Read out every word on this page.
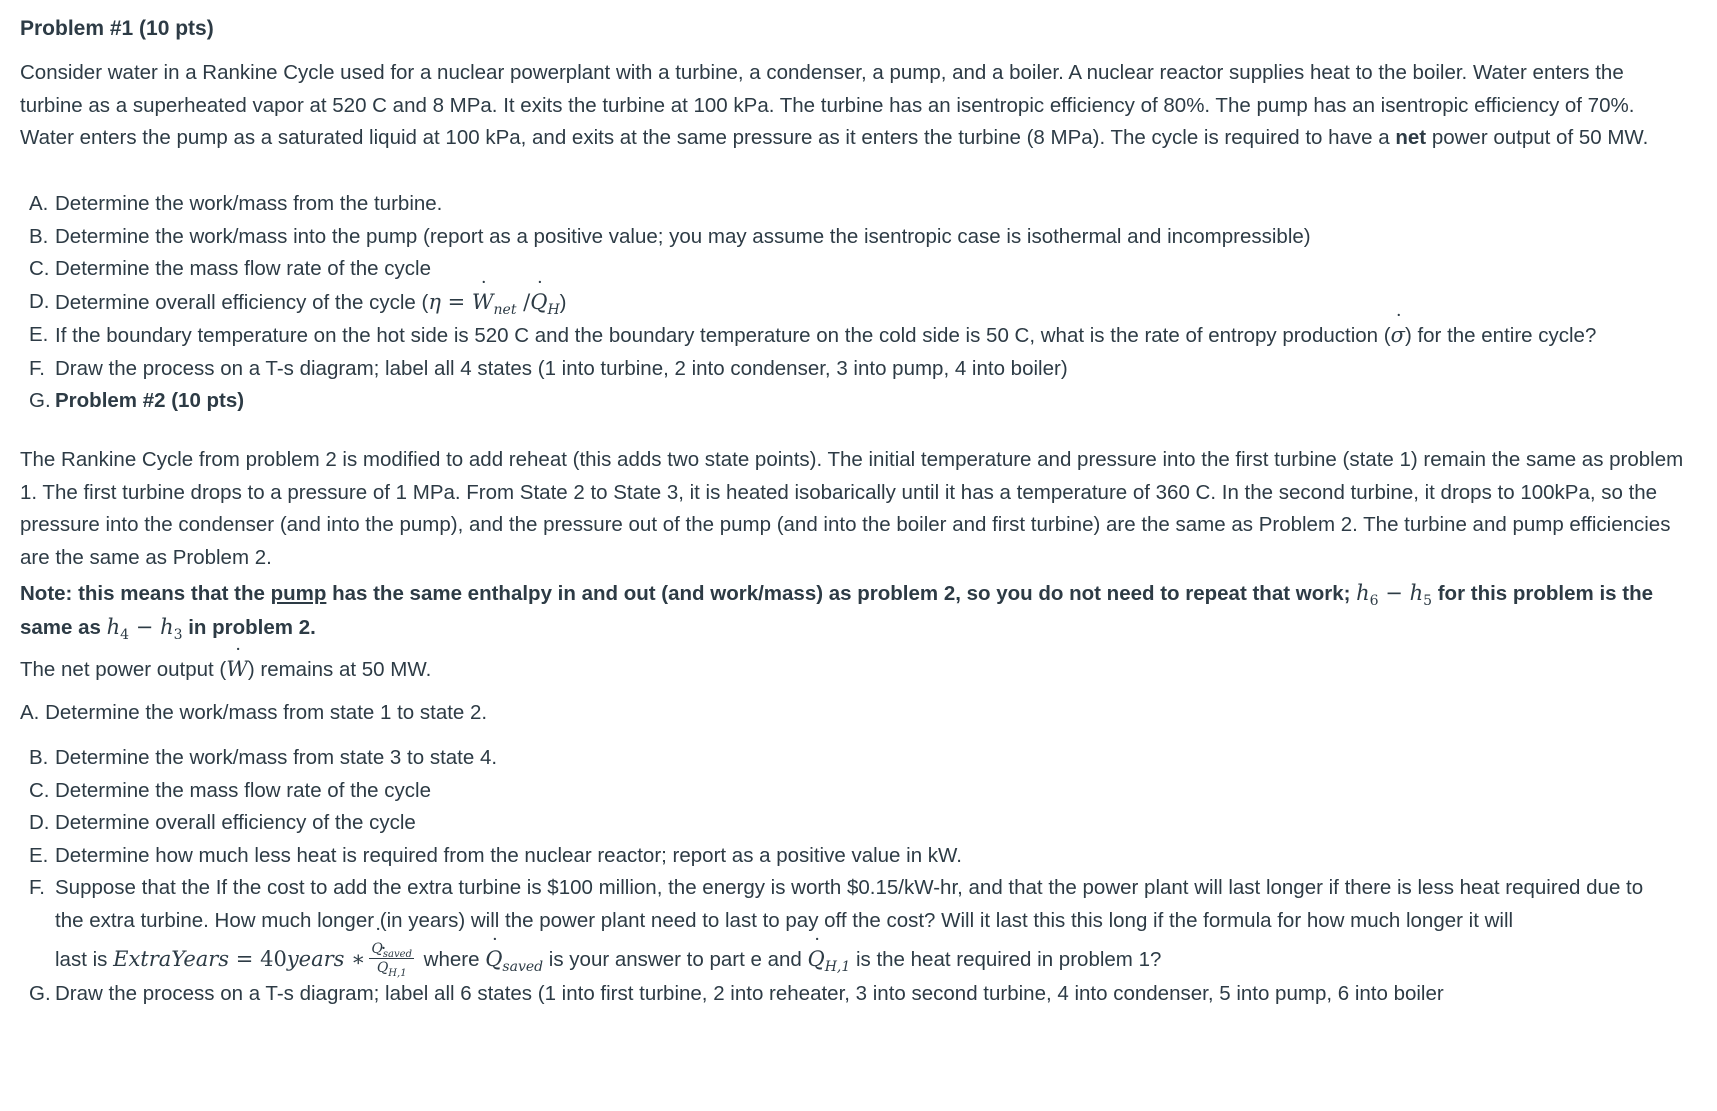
Problem #1 (10 pts)

Consider water in a Rankine Cycle used for a nuclear powerplant with a turbine, a condenser, a pump, and a boiler. A nuclear reactor supplies heat to the boiler. Water enters the turbine as a superheated vapor at 520 C and 8 MPa. It exits the turbine at 100 kPa. The turbine has an isentropic efficiency of 80%. The pump has an isentropic efficiency of 70%. Water enters the pump as a saturated liquid at 100 kPa, and exits at the same pressure as it enters the turbine (8 MPa). The cycle is required to have a net power output of 50 MW.

A. Determine the work/mass from the turbine.
B. Determine the work/mass into the pump (report as a positive value; you may assume the isentropic case is isothermal and incompressible)
C. Determine the mass flow rate of the cycle
D. Determine overall efficiency of the cycle (η = ˙ $W_{net}$ /˙ $Q_H$)
E. If the boundary temperature on the hot side is 520 C and the boundary temperature on the cold side is 50 C, what is the rate of entropy production (˙ σ) for the entire cycle?
F. Draw the process on a T-s diagram; label all 4 states (1 into turbine, 2 into condenser, 3 into pump, 4 into boiler)
G. Problem #2 (10 pts)

The Rankine Cycle from problem 2 is modified to add reheat (this adds two state points). The initial temperature and pressure into the first turbine (state 1) remain the same as problem 1. The first turbine drops to a pressure of 1 MPa. From State 2 to State 3, it is heated isobarically until it has a temperature of 360 C. In the second turbine, it drops to 100kPa, so the pressure into the condenser (and into the pump), and the pressure out of the pump (and into the boiler and first turbine) are the same as Problem 2. The turbine and pump efficiencies are the same as Problem 2.

Note: this means that the pump has the same enthalpy in and out (and work/mass) as problem 2, so you do not need to repeat that work; $h_6 - h_5$ for this problem is the same as $h_4 - h_3$ in problem 2.

The net power output (˙ W) remains at 50 MW.

A. Determine the work/mass from state 1 to state 2.

B. Determine the work/mass from state 3 to state 4.
C. Determine the mass flow rate of the cycle
D. Determine overall efficiency of the cycle
E. Determine how much less heat is required from the nuclear reactor; report as a positive value in kW.
F. Suppose that the If the cost to add the extra turbine is $100 million, the energy is worth $0.15/kW-hr, and that the power plant will last longer if there is less heat required due to the extra turbine. How much longer (in years) will the power plant need to last to pay off the cost? Will it last this this long if the formula for how much longer it will
last is ExtraYears = 40years ∗ ˙ $Q_{saved}$
˙ $Q_{H,1}$ where ˙ $Q_{saved}$ is your answer to part e and ˙ $Q_{H,1}$ is the heat required in problem 1?
G. Draw the process on a T-s diagram; label all 6 states (1 into first turbine, 2 into reheater, 3 into second turbine, 4 into condenser, 5 into pump, 6 into boiler
